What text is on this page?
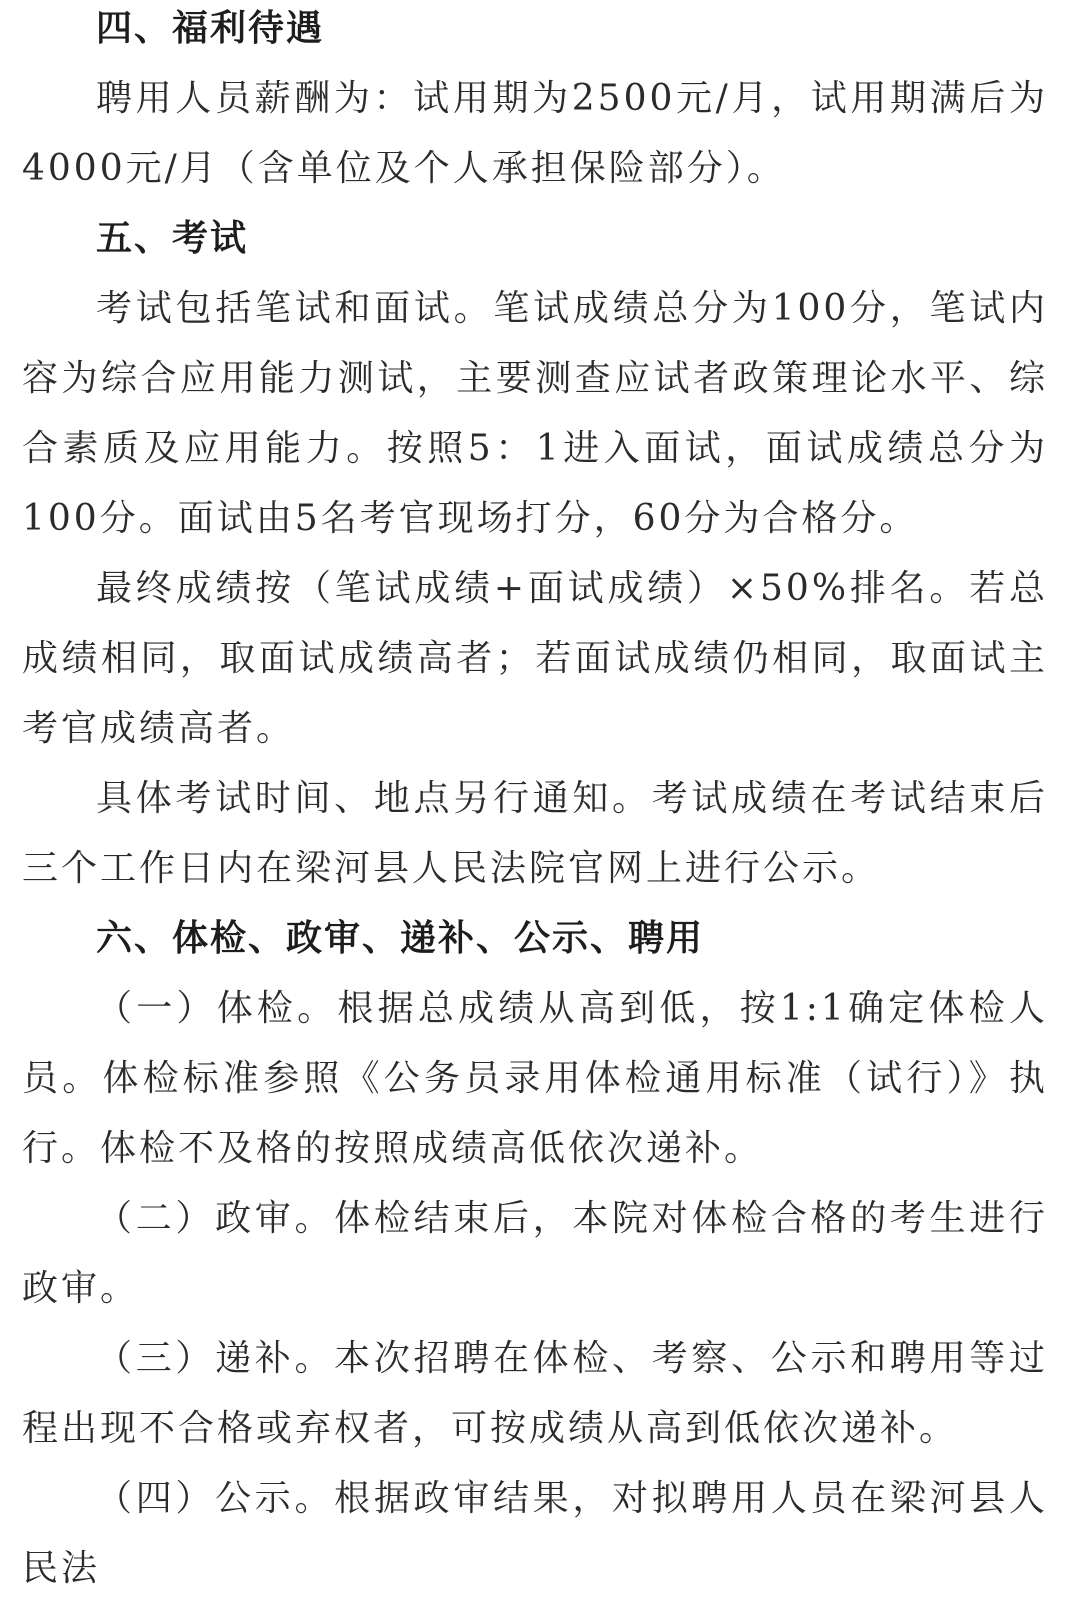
四、福利待遇

聘用人员薪酬为：试用期为2500元/月，试用期满后为4000元/月（含单位及个人承担保险部分）。

五、考试

考试包括笔试和面试。笔试成绩总分为100分，笔试内容为综合应用能力测试，主要测查应试者政策理论水平、综合素质及应用能力。按照5：1进入面试，面试成绩总分为100分。面试由5名考官现场打分，60分为合格分。

最终成绩按（笔试成绩+面试成绩）×50%排名。若总成绩相同，取面试成绩高者；若面试成绩仍相同，取面试主考官成绩高者。

具体考试时间、地点另行通知。考试成绩在考试结束后三个工作日内在梁河县人民法院官网上进行公示。

六、体检、政审、递补、公示、聘用

（一）体检。根据总成绩从高到低，按1:1确定体检人员。体检标准参照《公务员录用体检通用标准（试行）》执行。体检不及格的按照成绩高低依次递补。

（二）政审。体检结束后，本院对体检合格的考生进行政审。

（三）递补。本次招聘在体检、考察、公示和聘用等过程出现不合格或弃权者，可按成绩从高到低依次递补。

（四）公示。根据政审结果，对拟聘用人员在梁河县人民法
